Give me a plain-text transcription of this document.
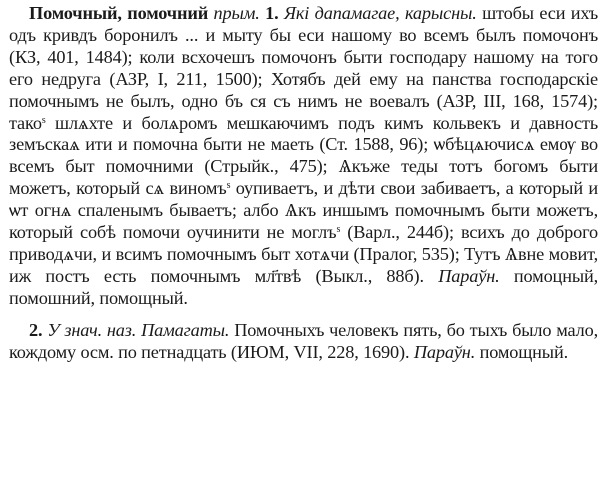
Помочный, помочний прым. 1. Які дапамагае, карысны. штобы еси ихъ одъ кривдъ боронилъ ... и мыту бы еси нашому во всемъ былъ помочонъ (КЗ, 401, 1484); коли всхочешъ помочонъ быти господару нашому на того его недруга (АЗР, I, 211, 1500); Хотябъ дей ему на панства господарскіе помочнымъ не былъ, одно бъ ся съ нимъ не воевалъ (АЗР, III, 168, 1574); тако$^s$ шлѧхте и болѧромъ мешкаючимъ подъ кимъ кольвекъ и давность земъскаѧ ити и помочна быти не маеть (Ст. 1588, 96); ѡбѣцѧючисѧ емѹ во всемъ быт помочними (Стрыйк., 475); Ѧкъже теды тотъ богомъ быти можетъ, который сѧ виномъ$^s$ оупиваетъ, и дѣти свои забиваетъ, а который и ѡт огнѧ спаленымъ бываетъ; албо Ѧкъ иншымъ помочнымъ быти можетъ, который собѣ помочи оучинити не моглъ$^s$ (Варл., 244б); всихъ до доброго приводѧчи, и всимъ помочнымъ быт хотѧчи (Пралог, 535); Тутъ Ѧвне мовит, иж постъ есть помочнымъ мл҃твѣ (Выкл., 88б). Параўн. помоцный, помошний, помощный.

2. У знач. наз. Памагаты. Помочныхъ человекъ пять, бо тыхъ было мало, кождому осм. по петнадцать (ИЮМ, VII, 228, 1690). Параўн. помощный.
